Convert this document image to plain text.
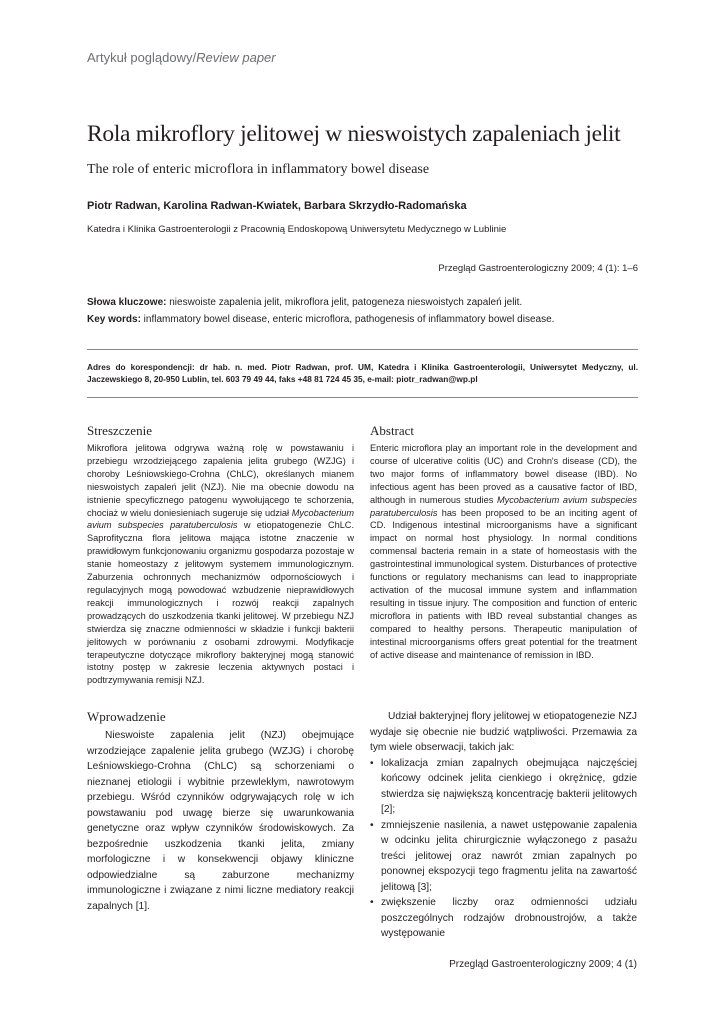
Artykuł poglądowy/Review paper
Rola mikroflory jelitowej w nieswoistych zapaleniach jelit
The role of enteric microflora in inflammatory bowel disease
Piotr Radwan, Karolina Radwan-Kwiatek, Barbara Skrzydło-Radomańska
Katedra i Klinika Gastroenterologii z Pracownią Endoskopową Uniwersytetu Medycznego w Lublinie
Przegląd Gastroenterologiczny 2009; 4 (1): 1–6
Słowa kluczowe: nieswoiste zapalenia jelit, mikroflora jelit, patogeneza nieswoistych zapaleń jelit.
Key words: inflammatory bowel disease, enteric microflora, pathogenesis of inflammatory bowel disease.
Adres do korespondencji: dr hab. n. med. Piotr Radwan, prof. UM, Katedra i Klinika Gastroenterologii, Uniwersytet Medyczny, ul. Jaczewskiego 8, 20-950 Lublin, tel. 603 79 49 44, faks +48 81 724 45 35, e-mail: piotr_radwan@wp.pl
Streszczenie
Mikroflora jelitowa odgrywa ważną rolę w powstawaniu i przebiegu wrzodziejącego zapalenia jelita grubego (WZJG) i choroby Leśniowskiego-Crohna (ChLC), określanych mianem nieswoistych zapaleń jelit (NZJ). Nie ma obecnie dowodu na istnienie specyficznego patogenu wywołującego te schorzenia, chociaż w wielu doniesieniach sugeruje się udział Mycobacterium avium subspecies paratuberculosis w etiopatogenezie ChLC. Saprofityczna flora jelitowa mająca istotne znaczenie w prawidłowym funkcjonowaniu organizmu gospodarza pozostaje w stanie homeostazy z jelitowym systemem immunologicznym. Zaburzenia ochronnych mechanizmów odpornościowych i regulacyjnych mogą powodować wzbudzenie nieprawidłowych reakcji immunologicznych i rozwój reakcji zapalnych prowadzących do uszkodzenia tkanki jelitowej. W przebiegu NZJ stwierdza się znaczne odmienności w składzie i funkcji bakterii jelitowych w porównaniu z osobami zdrowymi. Modyfikacje terapeutyczne dotyczące mikroflory bakteryjnej mogą stanowić istotny postęp w zakresie leczenia aktywnych postaci i podtrzymywania remisji NZJ.
Abstract
Enteric microflora play an important role in the development and course of ulcerative colitis (UC) and Crohn's disease (CD), the two major forms of inflammatory bowel disease (IBD). No infectious agent has been proved as a causative factor of IBD, although in numerous studies Mycobacterium avium subspecies paratuberculosis has been proposed to be an inciting agent of CD. Indigenous intestinal microorganisms have a significant impact on normal host physiology. In normal conditions commensal bacteria remain in a state of homeostasis with the gastrointestinal immunological system. Disturbances of protective functions or regulatory mechanisms can lead to inappropriate activation of the mucosal immune system and inflammation resulting in tissue injury. The composition and function of enteric microflora in patients with IBD reveal substantial changes as compared to healthy persons. Therapeutic manipulation of intestinal microorganisms offers great potential for the treatment of active disease and maintenance of remission in IBD.
Wprowadzenie
Nieswoiste zapalenia jelit (NZJ) obejmujące wrzodziejące zapalenie jelita grubego (WZJG) i chorobę Leśniowskiego-Crohna (ChLC) są schorzeniami o nieznanej etiologii i wybitnie przewlekłym, nawrotowym przebiegu. Wśród czynników odgrywających rolę w ich powstawaniu pod uwagę bierze się uwarunkowania genetyczne oraz wpływ czynników środowiskowych. Za bezpośrednie uszkodzenia tkanki jelita, zmiany morfologiczne i w konsekwencji objawy kliniczne odpowiedzialne są zaburzone mechanizmy immunologiczne i związane z nimi liczne mediatory reakcji zapalnych [1].

Udział bakteryjnej flory jelitowej w etiopatogenezie NZJ wydaje się obecnie nie budzić wątpliwości. Przemawia za tym wiele obserwacji, takich jak:

• lokalizacja zmian zapalnych obejmująca najczęściej końcowy odcinek jelita cienkiego i okrężnicę, gdzie stwierdza się największą koncentrację bakterii jelitowych [2];
• zmniejszenie nasilenia, a nawet ustępowanie zapalenia w odcinku jelita chirurgicznie wyłączonego z pasażu treści jelitowej oraz nawrót zmian zapalnych po ponownej ekspozycji tego fragmentu jelita na zawartość jelitową [3];
• zwiększenie liczby oraz odmienności udziału poszczególnych rodzajów drobnoustrojów, a także występowanie
Przegląd Gastroenterologiczny 2009; 4 (1)
